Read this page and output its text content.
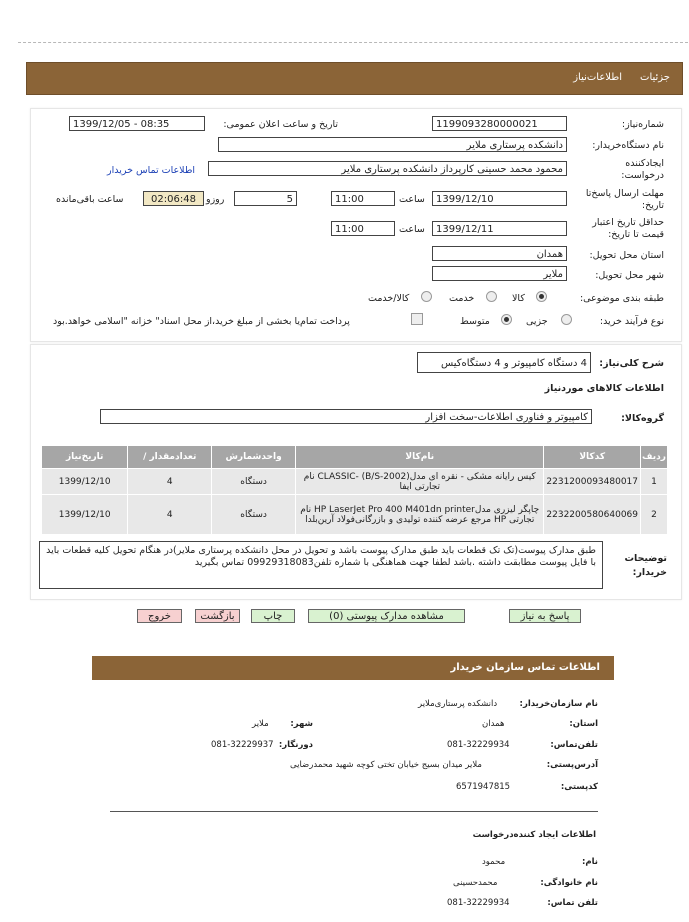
جزئیات
اطلاعات‌نیاز
شماره‌نیاز:
1199093280000021
تاریخ و ساعت اعلان عمومی:
1399/12/05 - 08:35
نام دستگاه‌خریدار:
دانشکده پرستاری ملایر
ایجادکننده
درخواست:
محمود محمد حسینی کارپرداز دانشکده پرستاری ملایر
اطلاعات تماس خریدار
مهلت ارسال پاسخ‌تا
تاریخ:
1399/12/10
ساعت
11:00
5
روزو
02:06:48
ساعت باقی‌مانده
حداقل تاریخ اعتبار
قیمت تا تاریخ:
1399/12/11
ساعت
11:00
استان محل تحویل:
همدان
شهر محل تحویل:
ملایر
طبقه بندی موضوعی:
کالا
خدمت
کالا/خدمت
نوع فرآیند خرید:
جزیی
متوسط
پرداخت تمام‌یا بخشی از مبلغ خرید،از محل اسناد" خزانه "اسلامی خواهد.بود
شرح کلی‌نیاز:
4 دستگاه کامپیوتر و 4 دستگاه‌کیس
اطلاعات کالاهای موردنیاز
گروه‌کالا:
کامپیوتر و فناوری اطلاعات-سخت افزار
ردیف	کدکالا	نام‌کالا	واحدشمارش	تعدادمقدار /	تاریخ‌نیاز
1	2231200093480017	کیس رایانه مشکی - نقره ای مدل(CLASSIC- (B/S-2002 نام تجارتی ایفا	دستگاه	4	1399/12/10
2	2232200580640069	چاپگر لیزری مدلHP LaserJet Pro 400 M401dn printer نام تجارتی HP مرجع عرضه کننده تولیدی و بازرگانی‌فولاد آرین‌بلدا	دستگاه	4	1399/12/10
توضیحات
خریدار:
طبق مدارک پیوست(تک تک قطعات باید طبق مدارک پیوست باشد و تحویل در محل دانشکده پرستاری ملایر)در هنگام تحویل کلیه قطعات باید با فایل پیوست مطابقت داشته .باشد لطفا جهت هماهنگی با شماره تلفن09929318083 تماس بگیرید
پاسخ به نیاز
مشاهده مدارک پیوستی (0)
چاپ
بازگشت
خروج
اطلاعات تماس سازمان خریدار
نام سازمان‌خریدار:
دانشکده پرستاری‌ملایر
استان:
همدان
شهر:
ملایر
تلفن‌تماس:
081-32229934
دورنگار:
081-32229937
آدرس‌پستی:
ملایر میدان بسیج خیابان تختی کوچه شهید محمدرضایی
کدپستی:
6571947815
اطلاعات ایجاد کننده‌درخواست
نام:
محمود
نام خانوادگی:
محمدحسینی
تلفن تماس:
081-32229934
